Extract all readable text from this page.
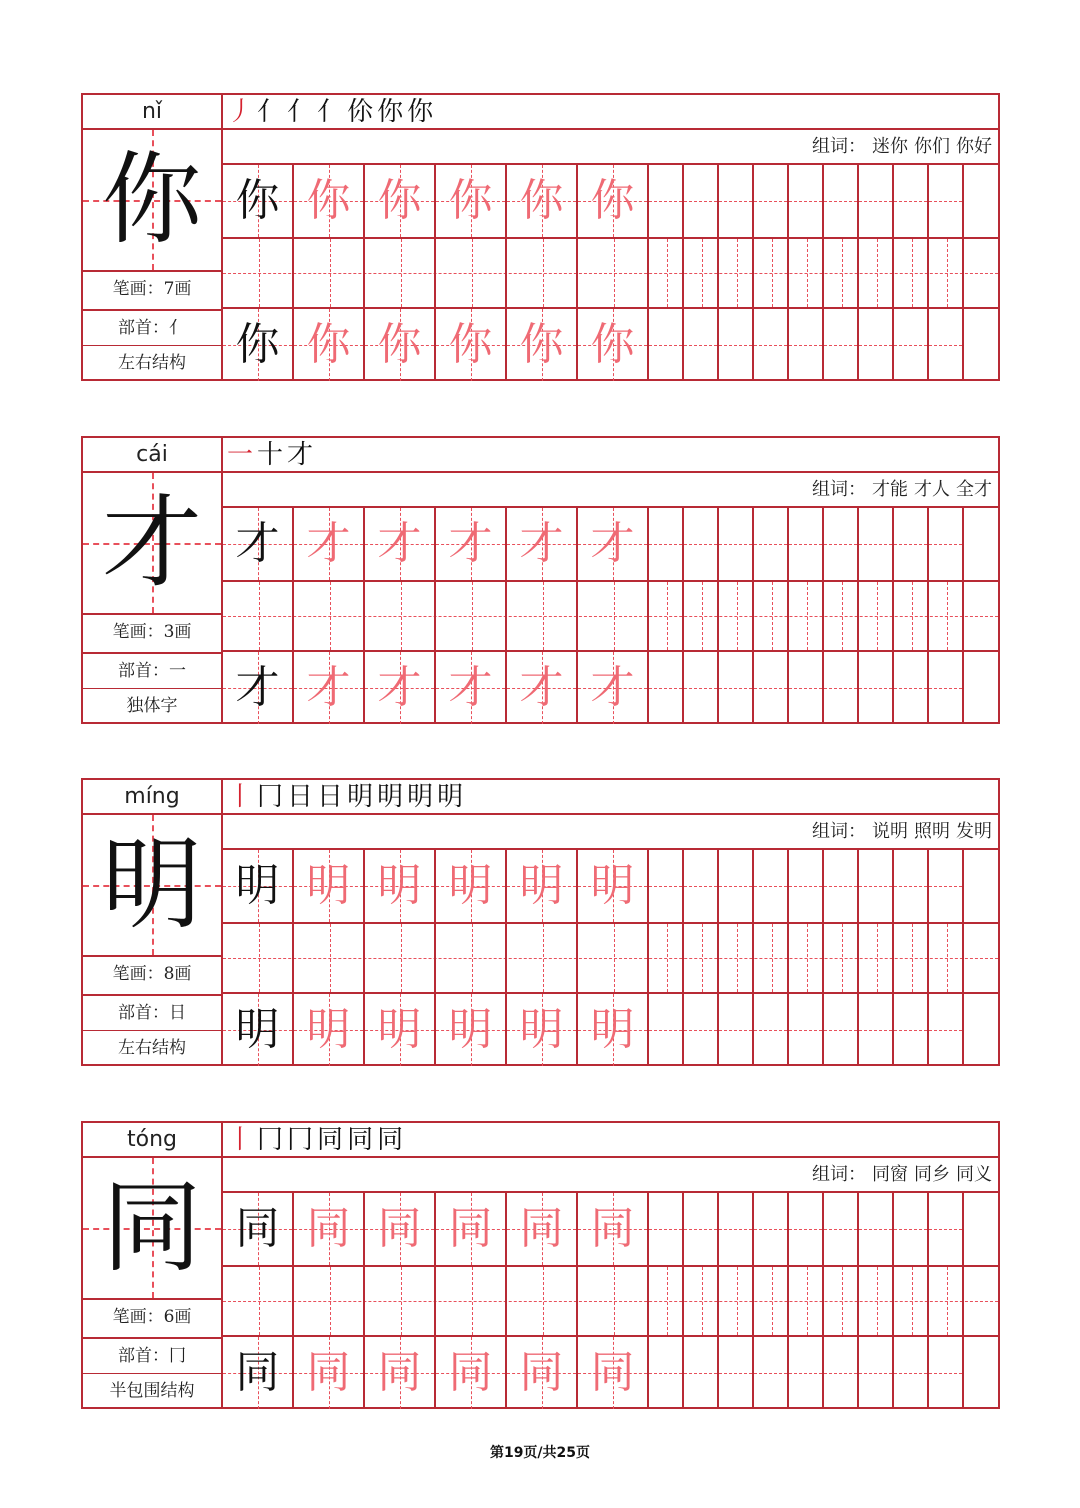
nǐ
你
笔画：7画
部首：亻
左右结构
丿 亻 亻 亻 伱 你 你
组词： 迷你 你们 你好
你 你 你 你 你 你
你 你 你 你 你 你
cái
才
笔画：3画
部首：一
独体字
一 十 才
组词： 才能 才人 全才
才 才 才 才 才 才
才 才 才 才 才 才
míng
明
笔画：8画
部首：日
左右结构
丨 冂 日 日 明 明 明 明
组词： 说明 照明 发明
明 明 明 明 明 明
明 明 明 明 明 明
tóng
同
笔画：6画
部首：冂
半包围结构
丨 冂 冂 同 同 同
组词： 同窗 同乡 同义
同 同 同 同 同 同
同 同 同 同 同 同
第19页/共25页
